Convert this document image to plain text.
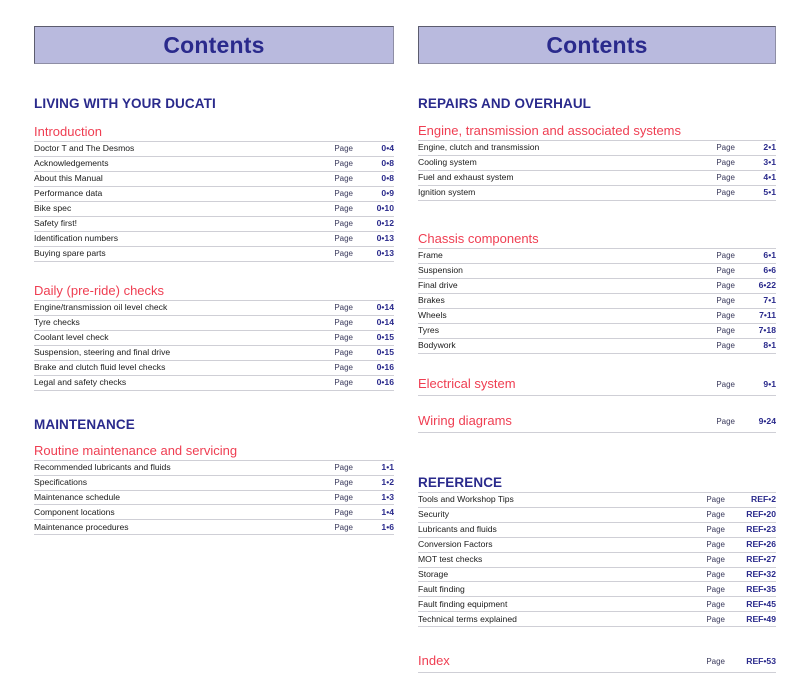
Contents
LIVING WITH YOUR DUCATI
Introduction
Doctor T and The Desmos	Page	0•4
Acknowledgements	Page	0•8
About this Manual	Page	0•8
Performance data	Page	0•9
Bike spec	Page	0•10
Safety first!	Page	0•12
Identification numbers	Page	0•13
Buying spare parts	Page	0•13
Daily (pre-ride) checks
Engine/transmission oil level check	Page	0•14
Tyre checks	Page	0•14
Coolant level check	Page	0•15
Suspension, steering and final drive	Page	0•15
Brake and clutch fluid level checks	Page	0•16
Legal and safety checks	Page	0•16
MAINTENANCE
Routine maintenance and servicing
Recommended lubricants and fluids	Page	1•1
Specifications	Page	1•2
Maintenance schedule	Page	1•3
Component locations	Page	1•4
Maintenance procedures	Page	1•6
Contents
REPAIRS AND OVERHAUL
Engine, transmission and associated systems
Engine, clutch and transmission	Page	2•1
Cooling system	Page	3•1
Fuel and exhaust system	Page	4•1
Ignition system	Page	5•1
Chassis components
Frame	Page	6•1
Suspension	Page	6•6
Final drive	Page	6•22
Brakes	Page	7•1
Wheels	Page	7•11
Tyres	Page	7•18
Bodywork	Page	8•1
Electrical system	Page	9•1
Wiring diagrams	Page	9•24
REFERENCE
Tools and Workshop Tips	Page	REF•2
Security	Page	REF•20
Lubricants and fluids	Page	REF•23
Conversion Factors	Page	REF•26
MOT test checks	Page	REF•27
Storage	Page	REF•32
Fault finding	Page	REF•35
Fault finding equipment	Page	REF•45
Technical terms explained	Page	REF•49
Index	Page	REF•53
